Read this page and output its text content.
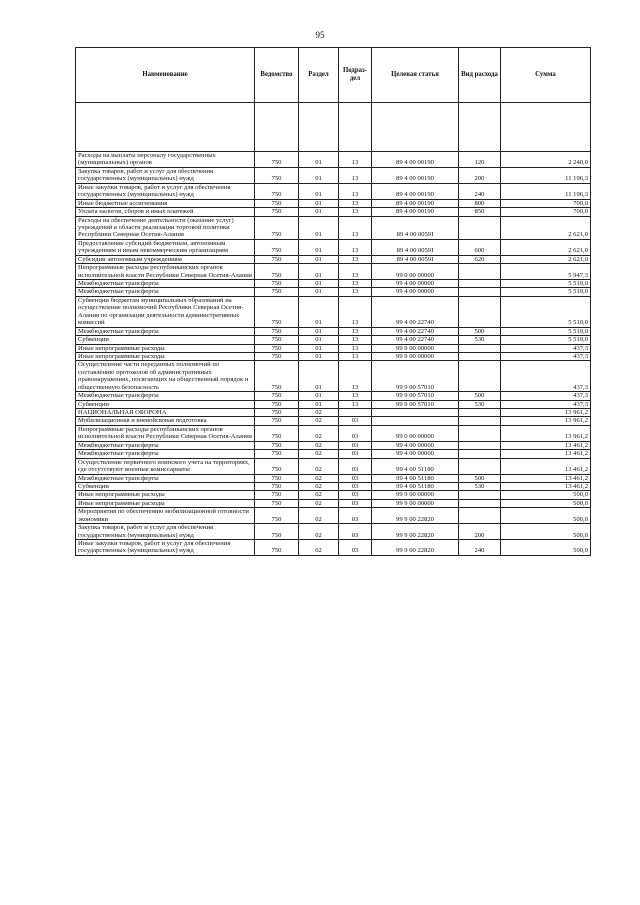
95
Наименование	Ведомство	Раздел	Подраз-дел	Целевая статья	Вид расхода	Сумма

Расходы на выплаты персоналу государственных (муниципальных) органов	750	01	13	89 4 00 00190	120	2 240,0
Закупка товаров, работ и услуг для обеспечения государственных (муниципальных) нужд	750	01	13	89 4 00 00190	200	11 196,3
Иные закупки товаров, работ и услуг для обеспечения государственных (муниципальных) нужд	750	01	13	89 4 00 00190	240	11 196,3
Иные бюджетные ассигнования	750	01	13	89 4 00 00190	800	700,0
Уплата налогов, сборов и иных платежей	750	01	13	89 4 00 00190	850	700,0
Расходы на обеспечение деятельности (оказание услуг) учреждений в области реализации торговой политики Республики Северная Осетия-Алания	750	01	13	89 4 00 0059I		2 621,0
Предоставление субсидий бюджетным, автономным учреждениям и иным некоммерческим организациям	750	01	13	89 4 00 0059I	600	2 621,0
Субсидии автономным учреждениям	750	01	13	89 4 00 0059I	620	2 621,0
Непрограммные расходы республиканских органов исполнительной власти Республики Северная Осетия-Алания	750	01	13	99 0 00 00000		5 947,3
Межбюджетные трансферты	750	01	13	99 4 00 00000		5 510,0
Межбюджетные трансферты	750	01	13	99 4 00 00000		5 510,0
Субвенции бюджетам муниципальных образований на осуществление полномочий Республики Северная Осетия-Алания по организации деятельности административных комиссий	750	01	13	99 4 00 22740		5 510,0
Межбюджетные трансферты	750	01	13	99 4 00 22740	500	5 510,0
Субвенции	750	01	13	99 4 00 22740	530	5 510,0
Иные непрограммные расходы	750	01	13	99 9 00 00000		437,3
Иные непрограммные расходы	750	01	13	99 9 00 00000		437,3
Осуществление части переданных полномочий по составлению протоколов об административных правонарушениях, посягающих на общественный порядок и общественную безопасность	750	01	13	99 9 00 57010		437,3
Межбюджетные трансферты	750	01	13	99 9 00 57010	500	437,3
Субвенции	750	01	13	99 9 00 57010	530	437,3
НАЦИОНАЛЬНАЯ ОБОРОНА	750	02				13 961,2
Мобилизационная и вневойсковая подготовка	750	02	03			13 961,2
Непрограммные расходы республиканских органов исполнительной власти Республики Северная Осетия-Алания	750	02	03	99 0 00 00000		13 961,2
Межбюджетные трансферты	750	02	03	99 4 00 00000		13 461,2
Межбюджетные трансферты	750	02	03	99 4 00 00000		13 461,2
Осуществление первичного воинского учета на территориях, где отсутствуют военные комиссариаты	750	02	03	99 4 00 51180		13 461,2
Межбюджетные трансферты	750	02	03	99 4 00 51180	500	13 461,2
Субвенции	750	02	03	99 4 00 51180	530	13 461,2
Иные непрограммные расходы	750	02	03	99 9 00 00000		500,0
Иные непрограммные расходы	750	02	03	99 9 00 00000		500,0
Мероприятия по обеспечению мобилизационной готовности экономики	750	02	03	99 9 00 22820		500,0
Закупка товаров, работ и услуг для обеспечения государственных (муниципальных) нужд	750	02	03	99 9 00 22820	200	500,0
Иные закупки товаров, работ и услуг для обеспечения государственных (муниципальных) нужд	750	02	03	99 9 00 22820	240	500,0
